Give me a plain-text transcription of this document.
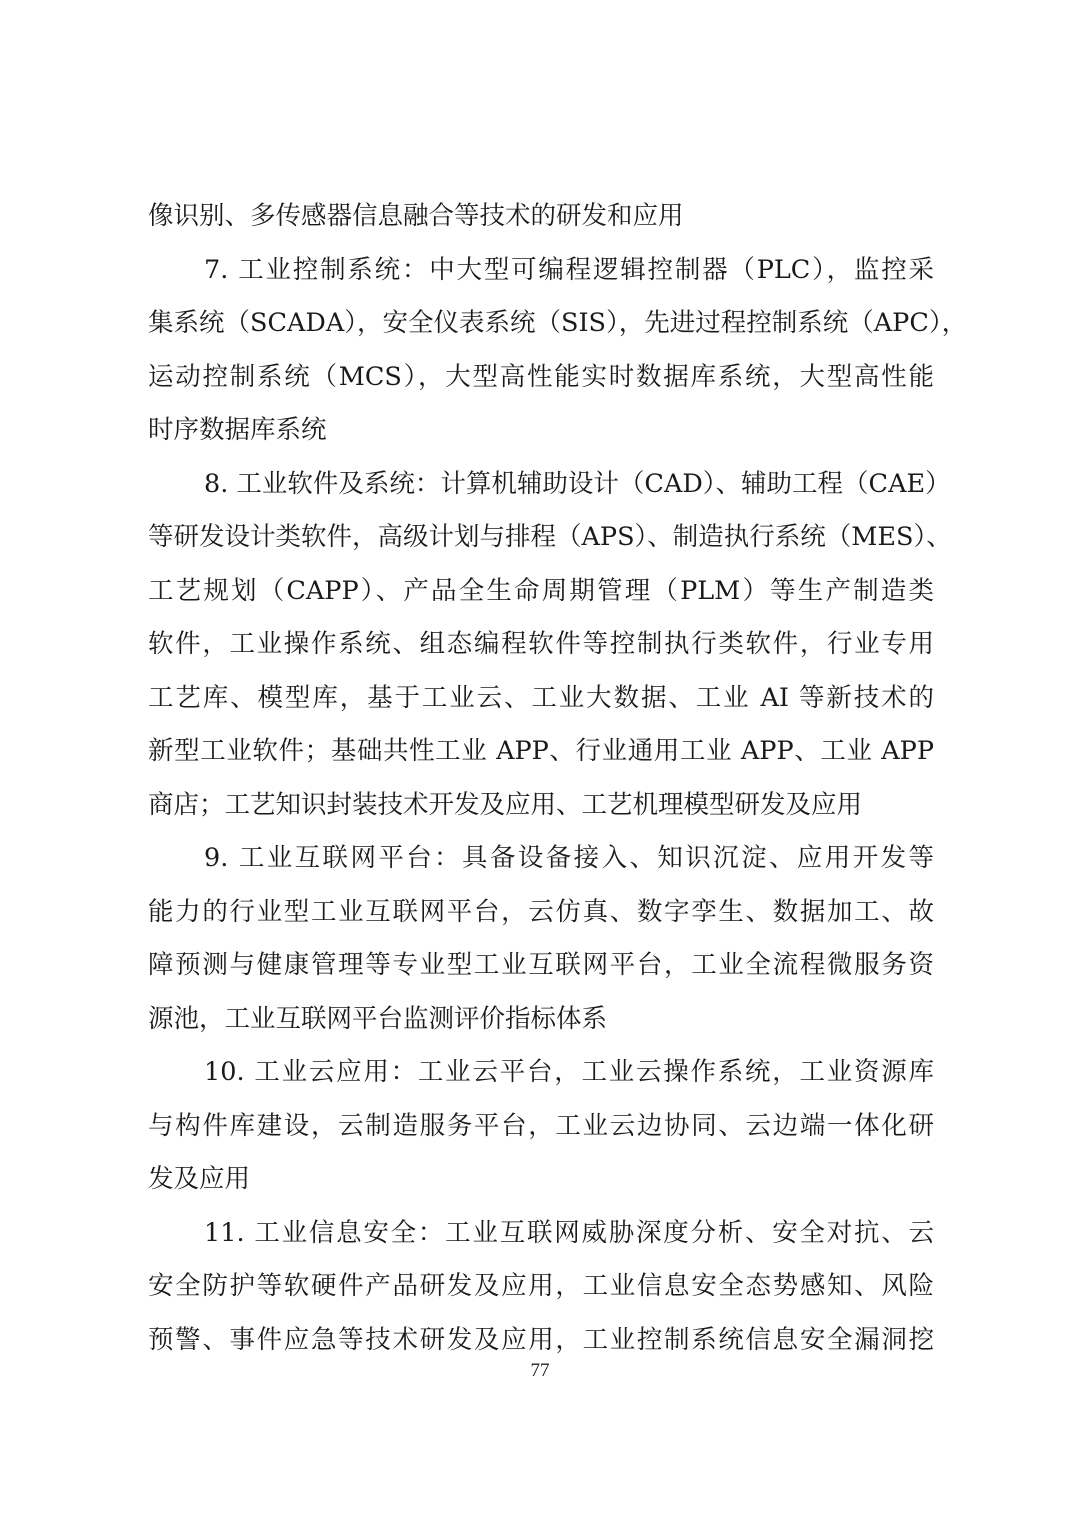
像识别、多传感器信息融合等技术的研发和应用
7. 工业控制系统：中大型可编程逻辑控制器（PLC），监控采
集系统（SCADA），安全仪表系统（SIS），先进过程控制系统（APC），
运动控制系统（MCS），大型高性能实时数据库系统，大型高性能
时序数据库系统
8. 工业软件及系统：计算机辅助设计（CAD）、辅助工程（CAE）
等研发设计类软件，高级计划与排程（APS）、制造执行系统（MES）、
工艺规划（CAPP）、产品全生命周期管理（PLM）等生产制造类
软件，工业操作系统、组态编程软件等控制执行类软件，行业专用
工艺库、模型库，基于工业云、工业大数据、工业 AI 等新技术的
新型工业软件；基础共性工业 APP、行业通用工业 APP、工业 APP
商店；工艺知识封装技术开发及应用、工艺机理模型研发及应用
9. 工业互联网平台：具备设备接入、知识沉淀、应用开发等
能力的行业型工业互联网平台，云仿真、数字孪生、数据加工、故
障预测与健康管理等专业型工业互联网平台，工业全流程微服务资
源池，工业互联网平台监测评价指标体系
10. 工业云应用：工业云平台，工业云操作系统，工业资源库
与构件库建设，云制造服务平台，工业云边协同、云边端一体化研
发及应用
11. 工业信息安全：工业互联网威胁深度分析、安全对抗、云
安全防护等软硬件产品研发及应用，工业信息安全态势感知、风险
预警、事件应急等技术研发及应用，工业控制系统信息安全漏洞挖
77
